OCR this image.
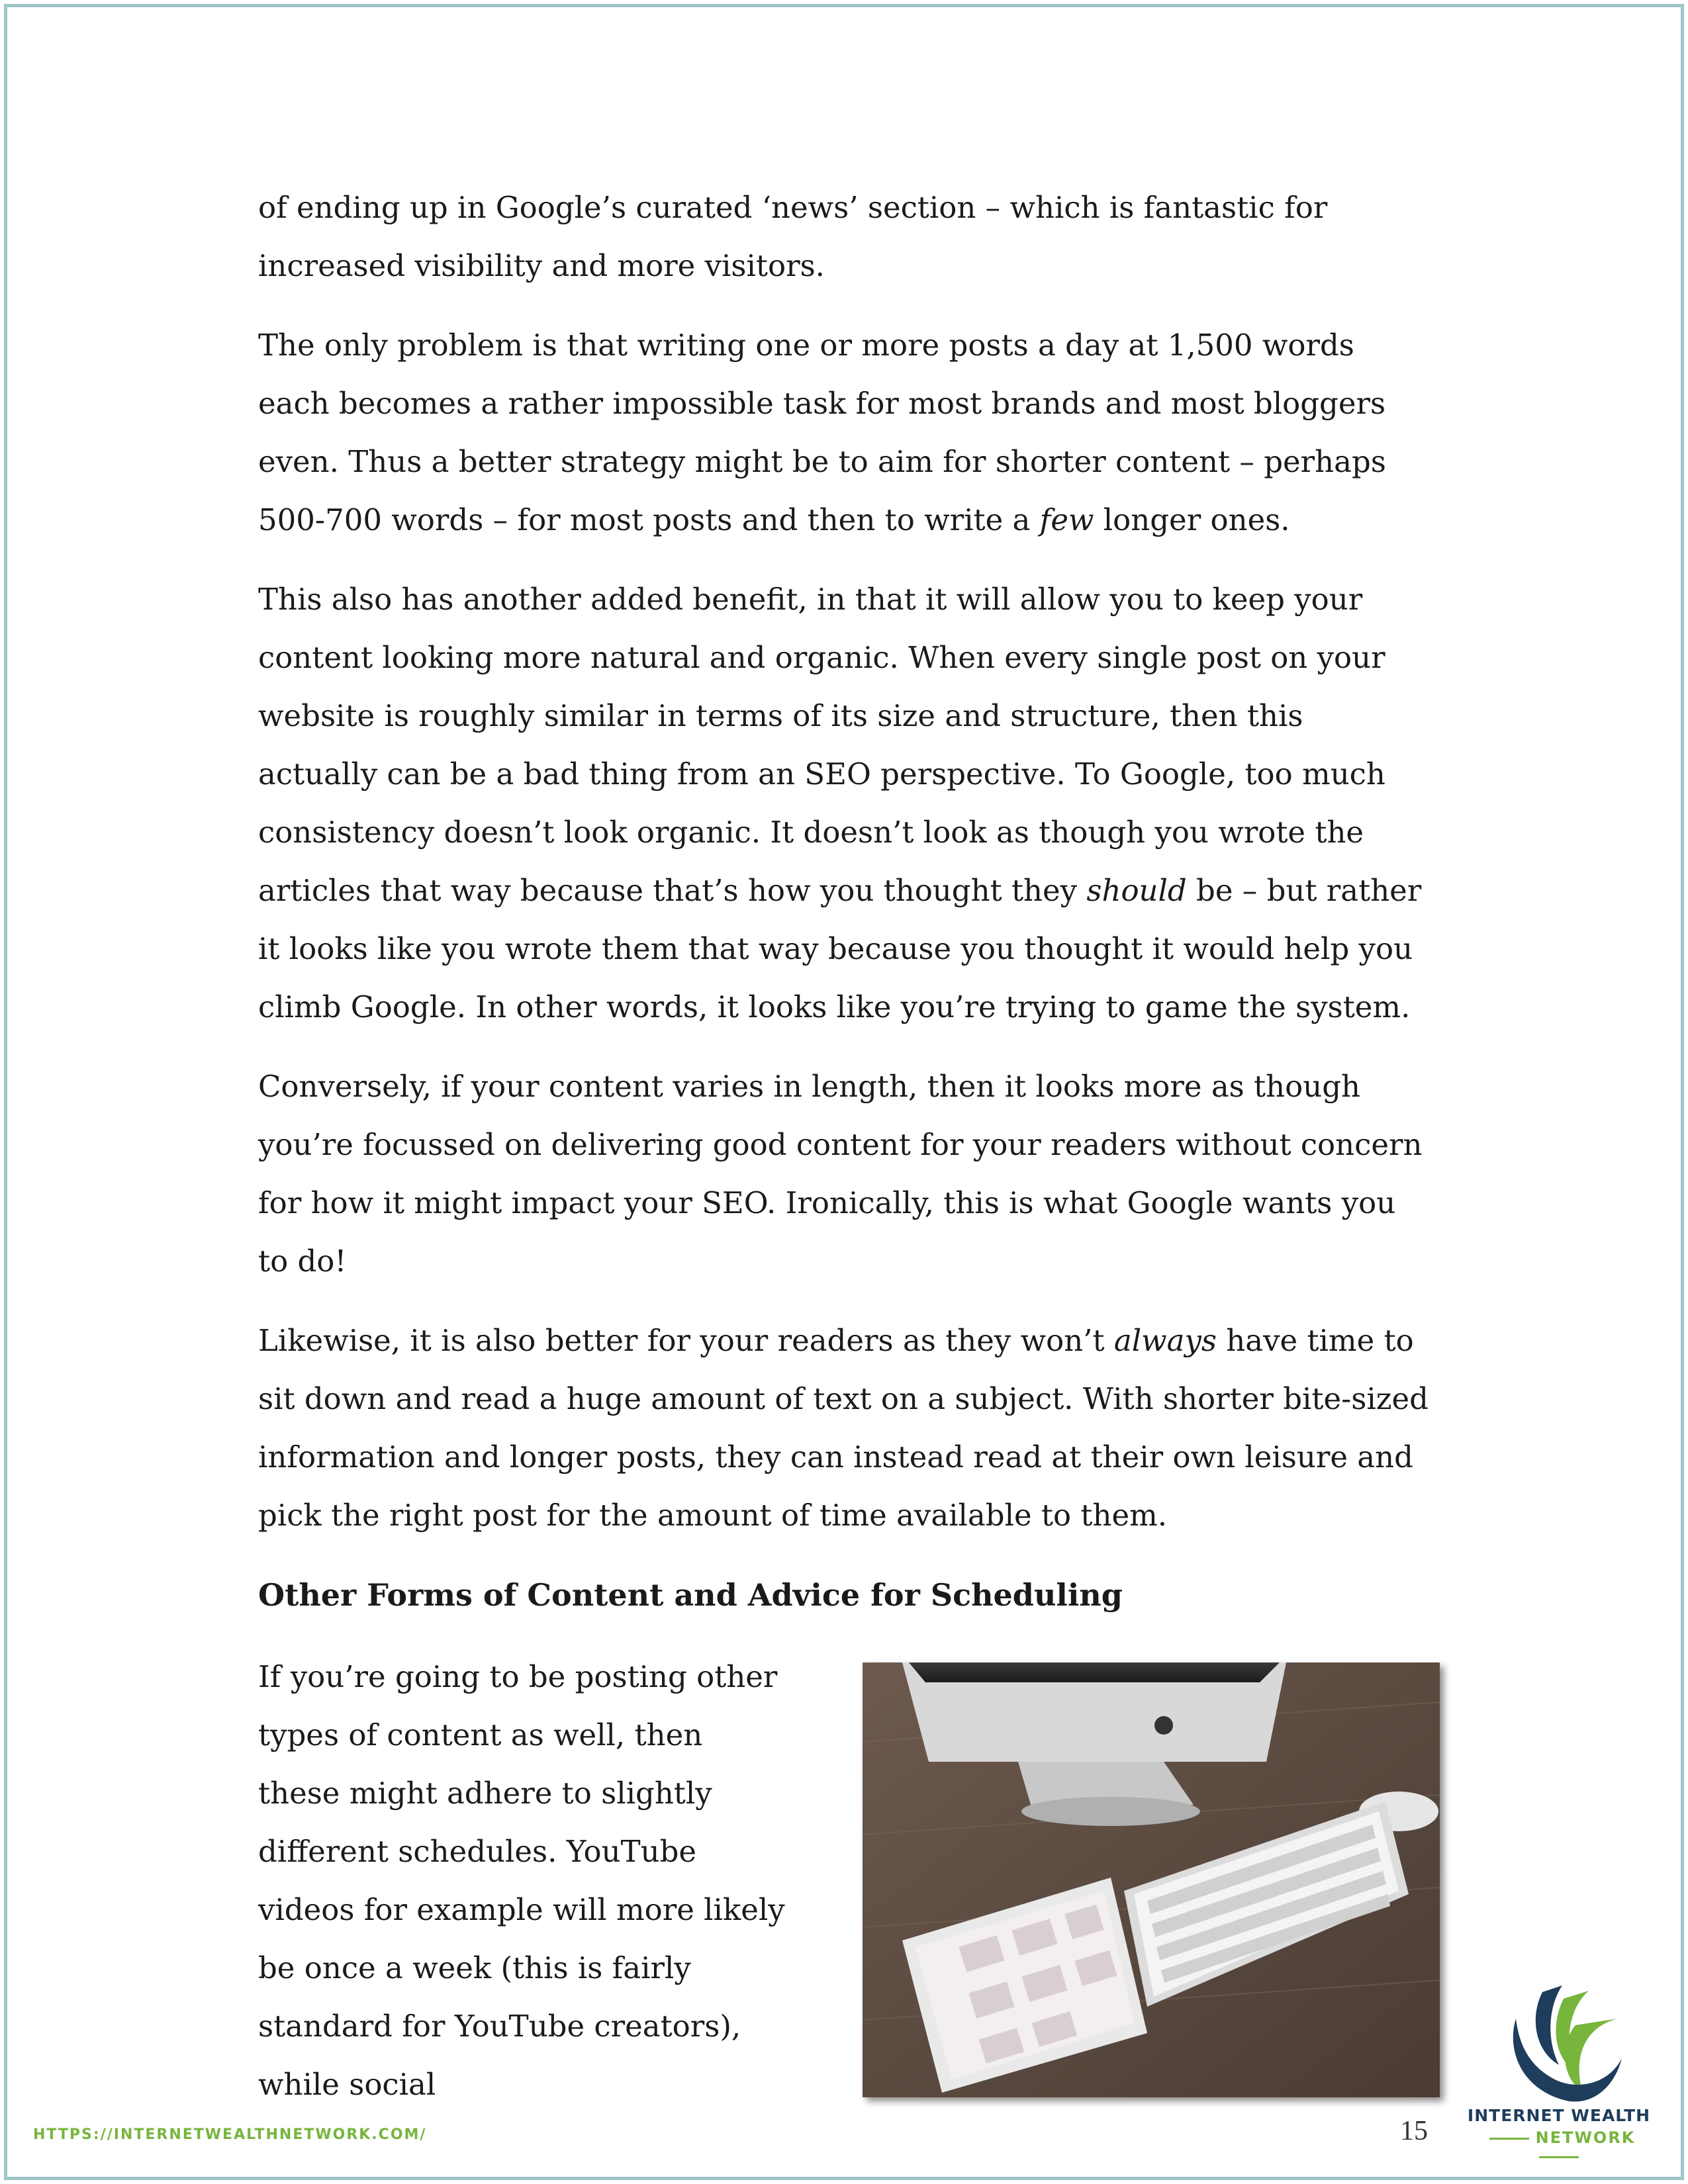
of ending up in Google’s curated ‘news’ section – which is fantastic for increased visibility and more visitors.

The only problem is that writing one or more posts a day at 1,500 words each becomes a rather impossible task for most brands and most bloggers even. Thus a better strategy might be to aim for shorter content – perhaps 500-700 words – for most posts and then to write a few longer ones.

This also has another added benefit, in that it will allow you to keep your content looking more natural and organic. When every single post on your website is roughly similar in terms of its size and structure, then this actually can be a bad thing from an SEO perspective. To Google, too much consistency doesn’t look organic. It doesn’t look as though you wrote the articles that way because that’s how you thought they should be – but rather it looks like you wrote them that way because you thought it would help you climb Google. In other words, it looks like you’re trying to game the system.

Conversely, if your content varies in length, then it looks more as though you’re focussed on delivering good content for your readers without concern for how it might impact your SEO. Ironically, this is what Google wants you to do!

Likewise, it is also better for your readers as they won’t always have time to sit down and read a huge amount of text on a subject. With shorter bite-sized information and longer posts, they can instead read at their own leisure and pick the right post for the amount of time available to them.

Other Forms of Content and Advice for Scheduling

If you’re going to be posting other types of content as well, then these might adhere to slightly different schedules. YouTube videos for example will more likely be once a week (this is fairly standard for YouTube creators), while social

HTTPS://INTERNETWEALTHNETWORK.COM/	15
INTERNET WEALTH
NETWORK
